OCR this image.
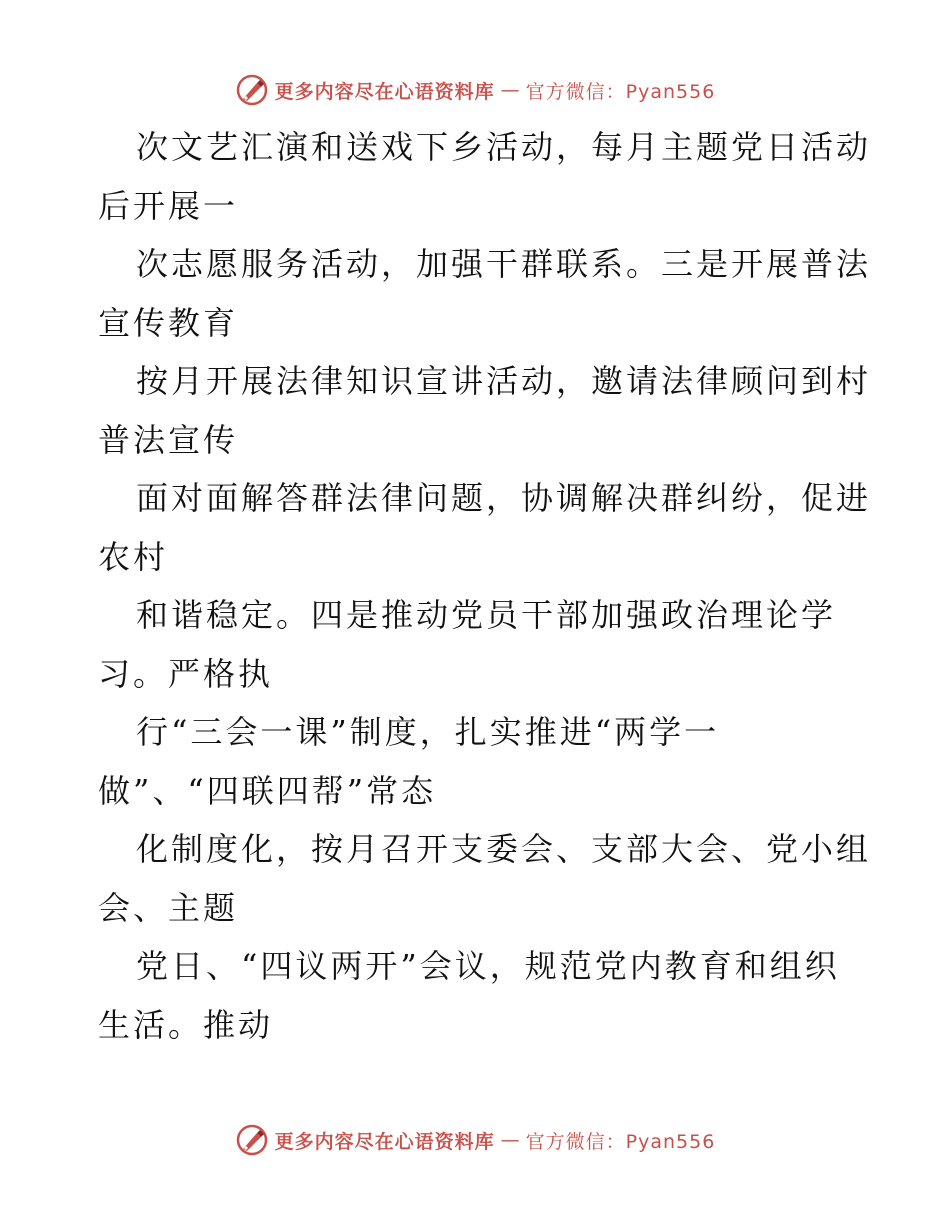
更多内容尽在心语资料库 — 官方微信：Pyan556
次文艺汇演和送戏下乡活动，每月主题党日活动
后开展一
次志愿服务活动，加强干群联系。三是开展普法
宣传教育
按月开展法律知识宣讲活动，邀请法律顾问到村
普法宣传
面对面解答群法律问题，协调解决群纠纷，促进
农村
和谐稳定。四是推动党员干部加强政治理论学
习。严格执
行“三会一课”制度，扎实推进“两学一
做”、“四联四帮”常态
化制度化，按月召开支委会、支部大会、党小组
会、主题
党日、“四议两开”会议，规范党内教育和组织
生活。推动
更多内容尽在心语资料库 — 官方微信：Pyan556
